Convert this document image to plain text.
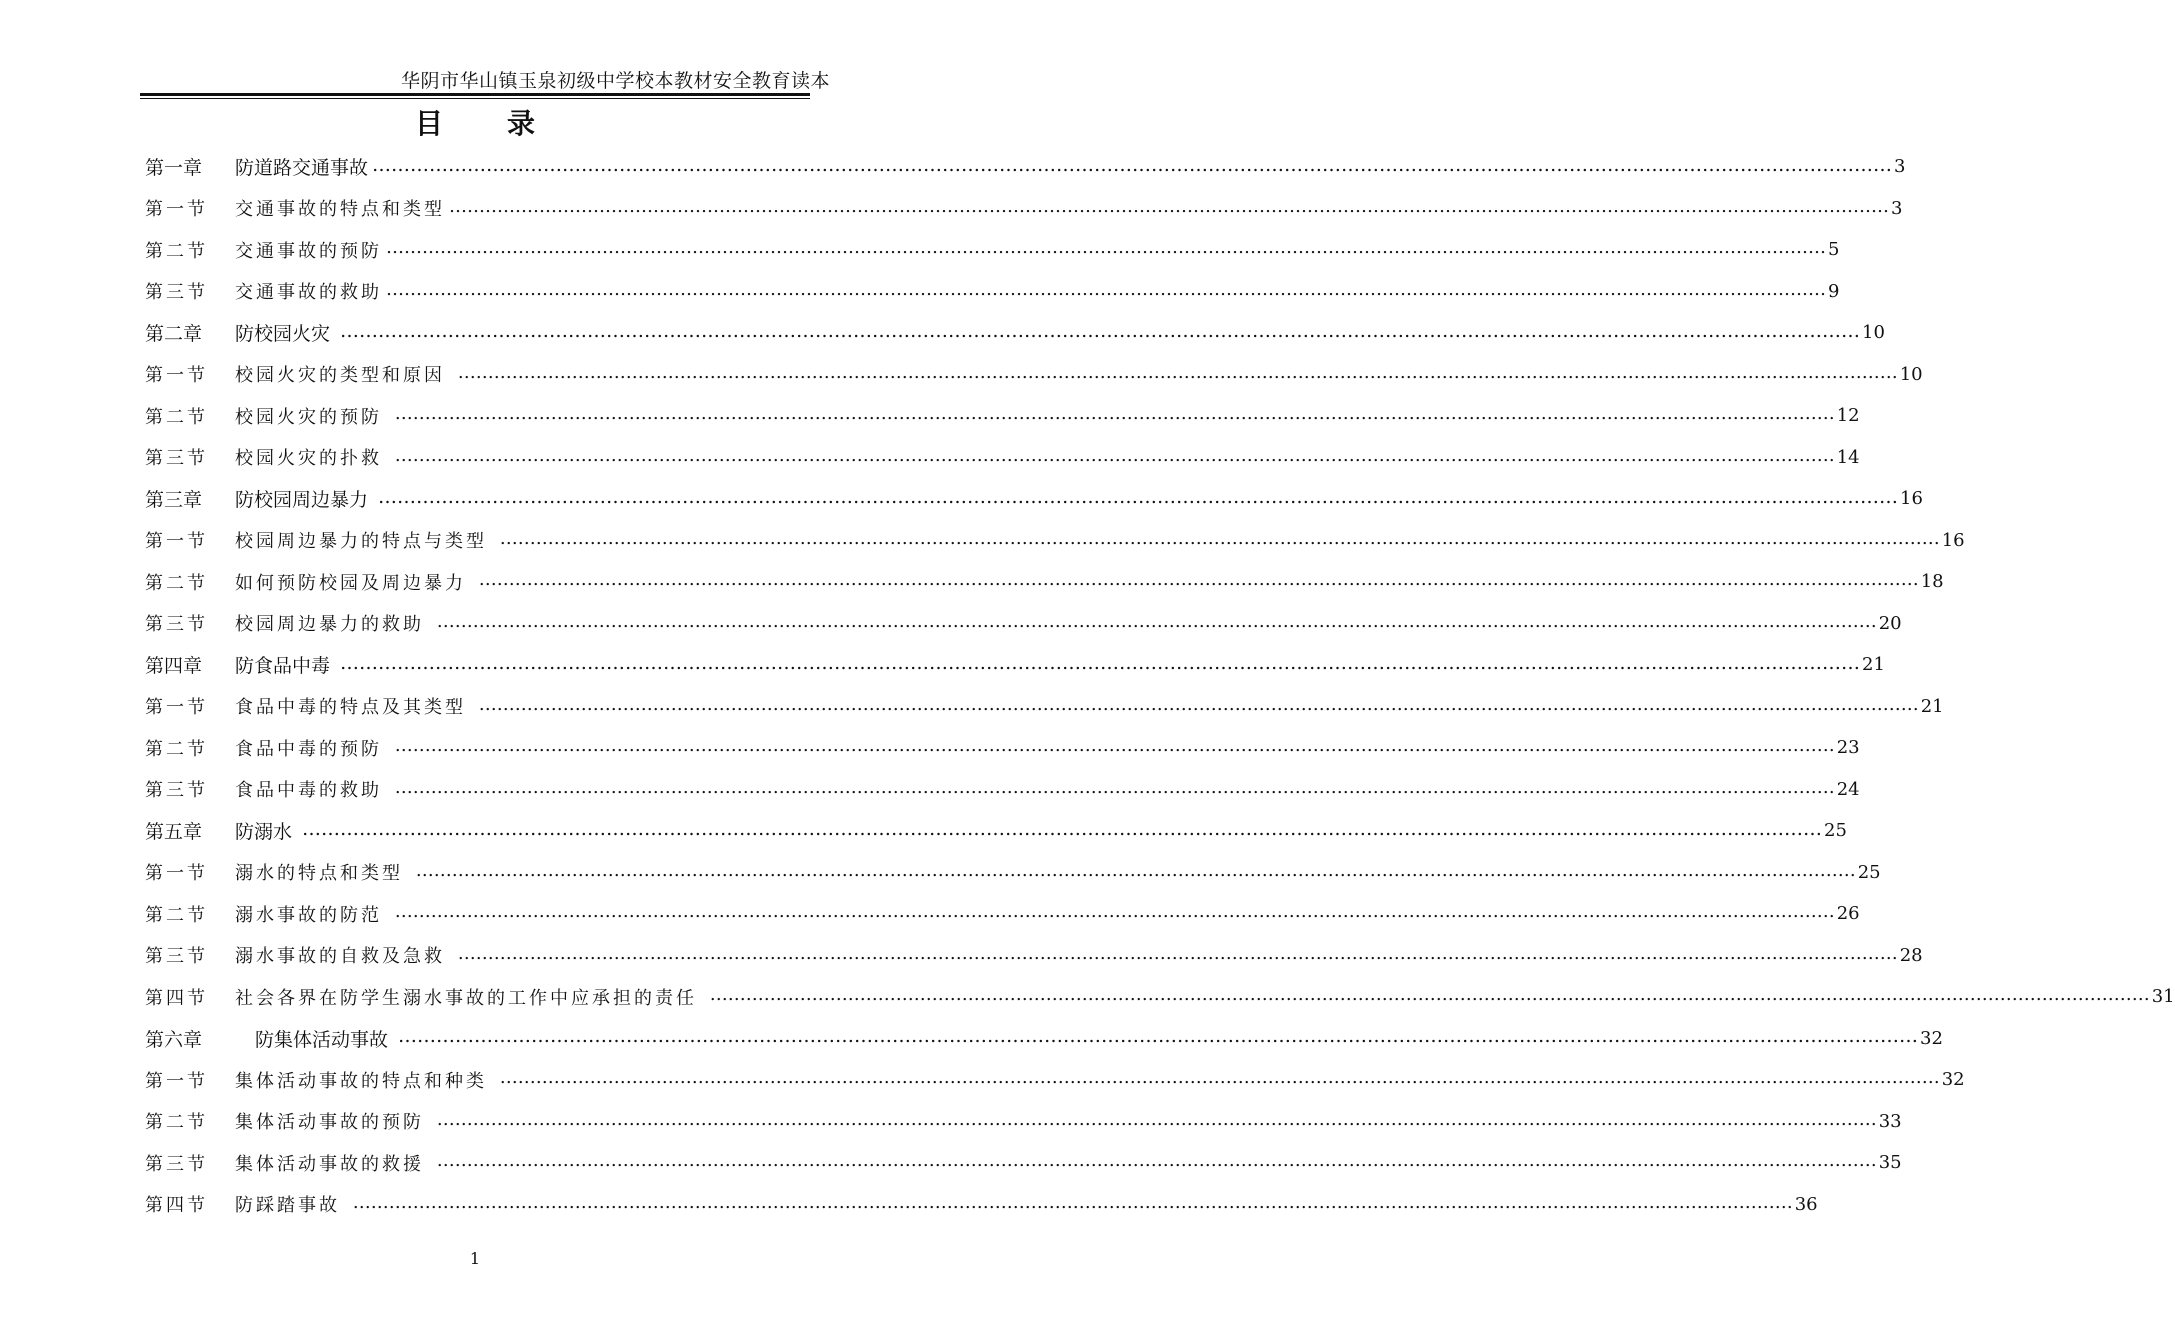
华阴市华山镇玉泉初级中学校本教材安全教育读本
目录
第一章	防道路交通事故 …………………………………………………………………………………………………………………………………………………………………………………………………………………… 3
第一节	交通事故的特点和类型 …………………………………………………………………………………………………………………………………………………………………………………………………………………… 3
第二节	交通事故的预防 …………………………………………………………………………………………………………………………………………………………………………………………………………………… 5
第三节	交通事故的救助 …………………………………………………………………………………………………………………………………………………………………………………………………………………… 9
第二章	防校园火灾 …………………………………………………………………………………………………………………………………………………………………………………………………………………… 10
第一节	校园火灾的类型和原因 …………………………………………………………………………………………………………………………………………………………………………………………………………………… 10
第二节	校园火灾的预防 …………………………………………………………………………………………………………………………………………………………………………………………………………………… 12
第三节	校园火灾的扑救 …………………………………………………………………………………………………………………………………………………………………………………………………………………… 14
第三章	防校园周边暴力 …………………………………………………………………………………………………………………………………………………………………………………………………………………… 16
第一节	校园周边暴力的特点与类型 …………………………………………………………………………………………………………………………………………………………………………………………………………………… 16
第二节	如何预防校园及周边暴力 …………………………………………………………………………………………………………………………………………………………………………………………………………………… 18
第三节	校园周边暴力的救助 …………………………………………………………………………………………………………………………………………………………………………………………………………………… 20
第四章	防食品中毒 …………………………………………………………………………………………………………………………………………………………………………………………………………………… 21
第一节	食品中毒的特点及其类型 …………………………………………………………………………………………………………………………………………………………………………………………………………………… 21
第二节	食品中毒的预防 …………………………………………………………………………………………………………………………………………………………………………………………………………………… 23
第三节	食品中毒的救助 …………………………………………………………………………………………………………………………………………………………………………………………………………………… 24
第五章	防溺水 …………………………………………………………………………………………………………………………………………………………………………………………………………………… 25
第一节	溺水的特点和类型 …………………………………………………………………………………………………………………………………………………………………………………………………………………… 25
第二节	溺水事故的防范 …………………………………………………………………………………………………………………………………………………………………………………………………………………… 26
第三节	溺水事故的自救及急救 …………………………………………………………………………………………………………………………………………………………………………………………………………………… 28
第四节	社会各界在防学生溺水事故的工作中应承担的责任 …………………………………………………………………………………………………………………………………………………………………………………………………………………… 31
第六章	防集体活动事故 …………………………………………………………………………………………………………………………………………………………………………………………………………………… 32
第一节	集体活动事故的特点和种类 …………………………………………………………………………………………………………………………………………………………………………………………………………………… 32
第二节	集体活动事故的预防 …………………………………………………………………………………………………………………………………………………………………………………………………………………… 33
第三节	集体活动事故的救援 …………………………………………………………………………………………………………………………………………………………………………………………………………………… 35
第四节	防踩踏事故 …………………………………………………………………………………………………………………………………………………………………………………………………………………… 36
1
